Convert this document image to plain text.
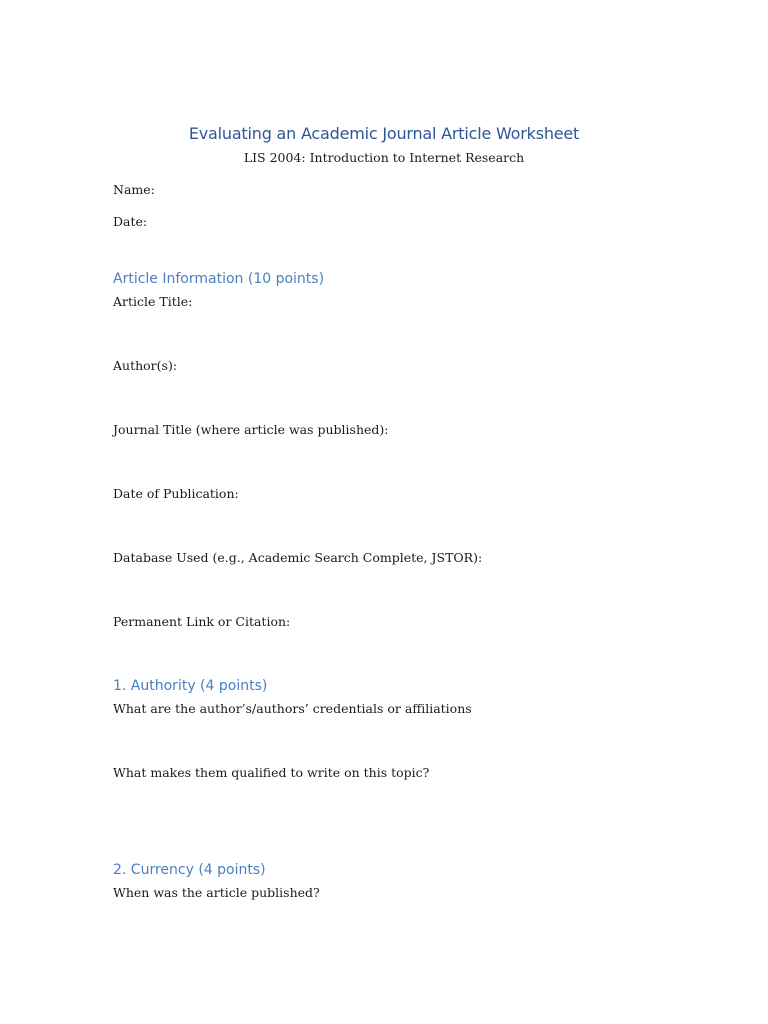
Evaluating an Academic Journal Article Worksheet
LIS 2004: Introduction to Internet Research
Name:
Date:
Article Information (10 points)
Article Title:
Author(s):
Journal Title (where article was published):
Date of Publication:
Database Used (e.g., Academic Search Complete, JSTOR):
Permanent Link or Citation:
1. Authority (4 points)
What are the author’s/authors’ credentials or affiliations
What makes them qualified to write on this topic?
2. Currency (4 points)
When was the article published?
